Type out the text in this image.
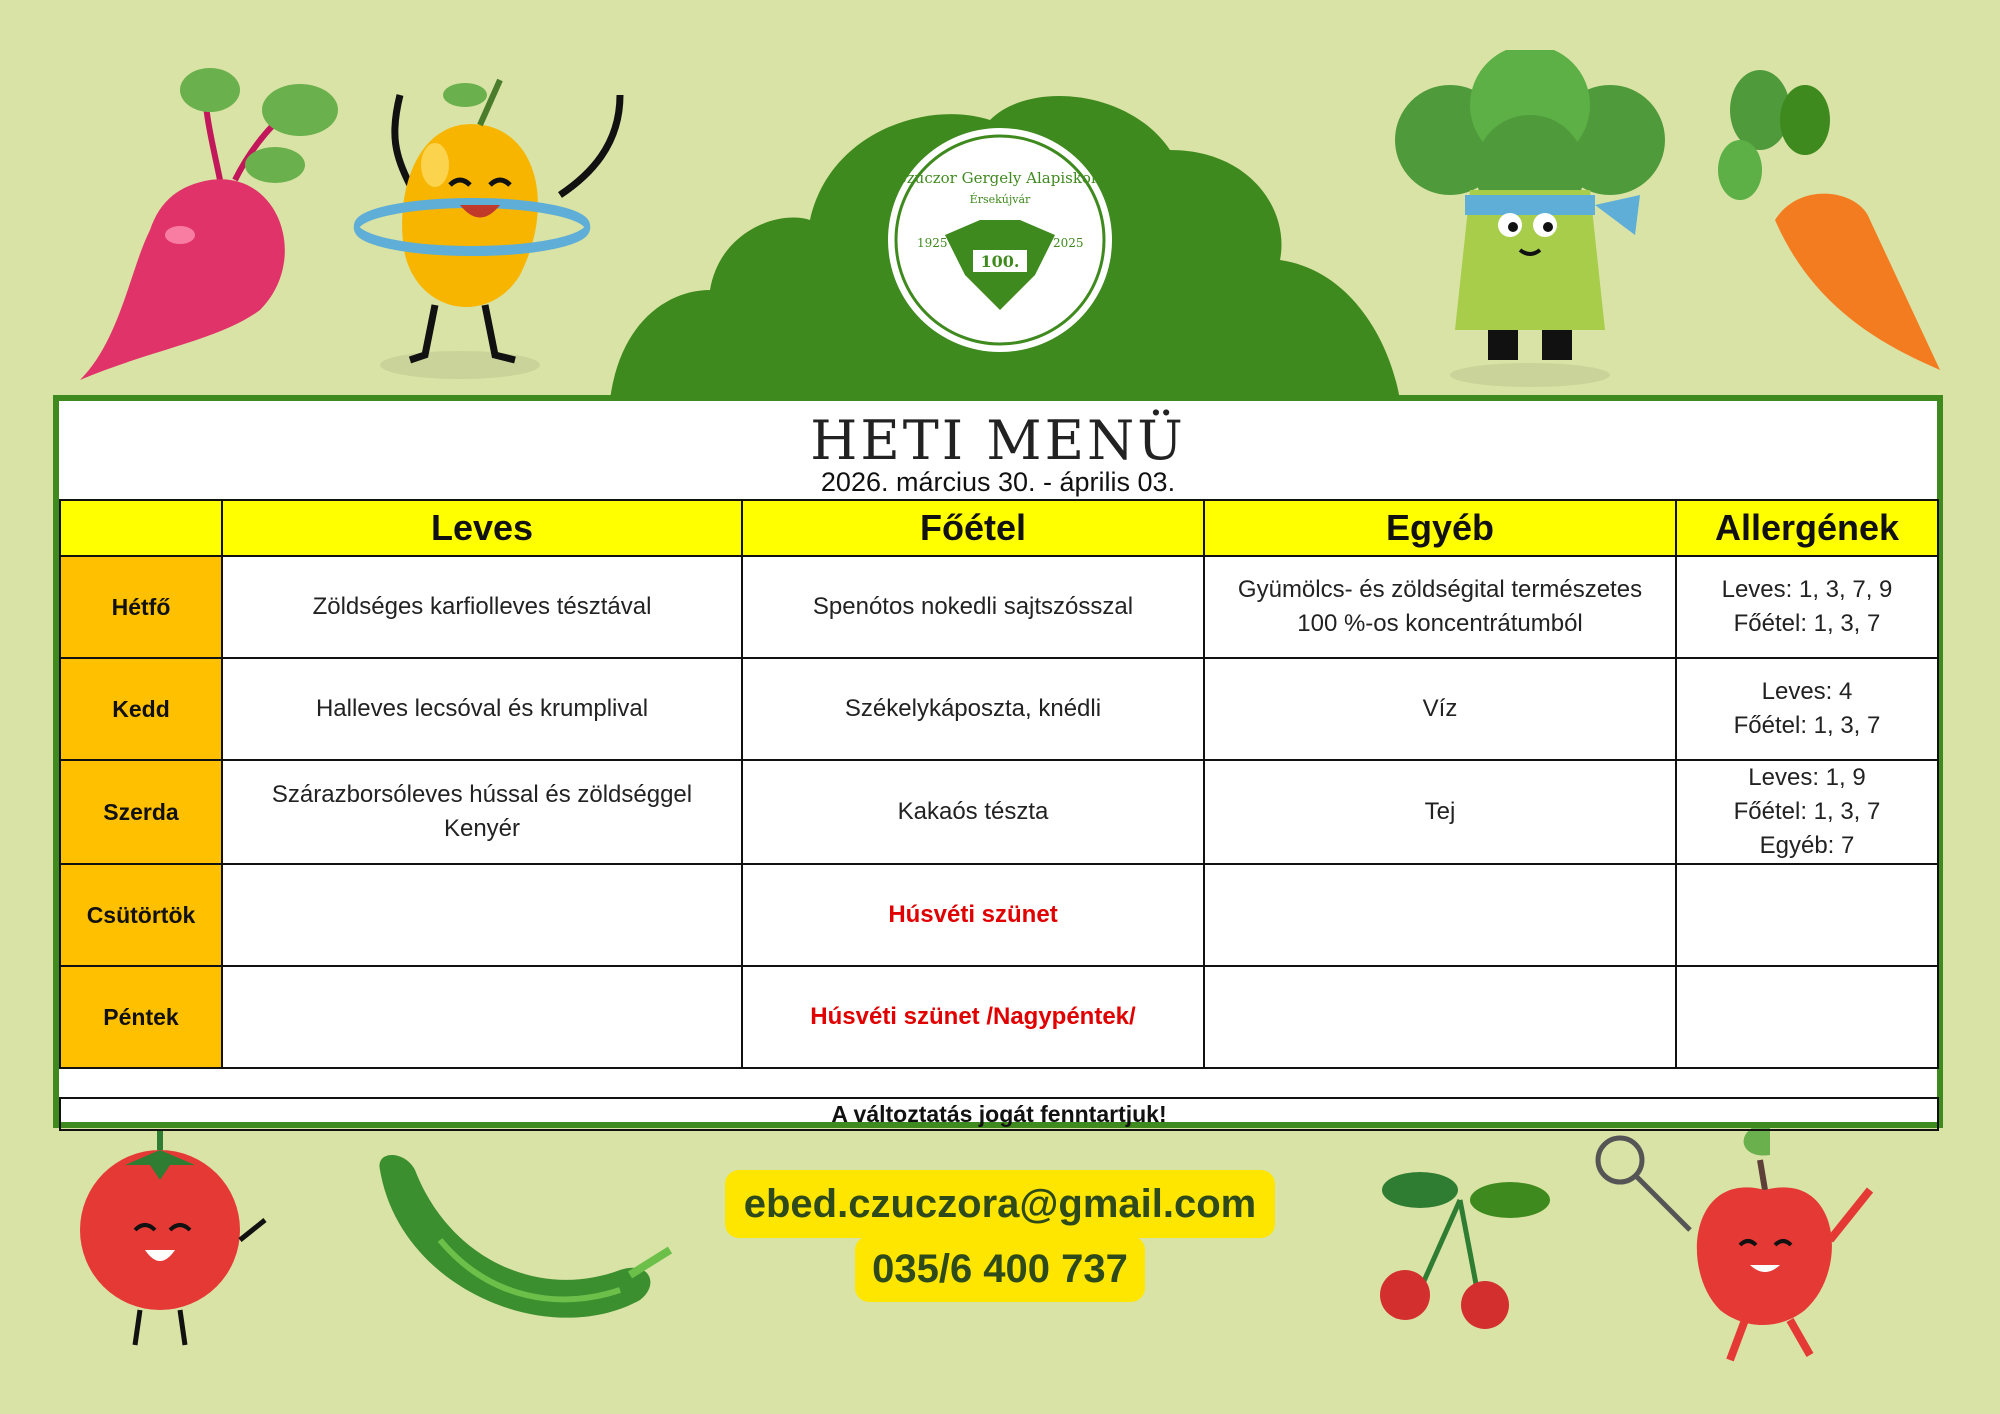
Czuczor Gergely Alapiskola
Érsekújvár
1925	2025
100.
HETI MENÜ
2026. március 30. - április 03.
	Leves	Főétel	Egyéb	Allergének
Hétfő	Zöldséges karfiolleves tésztával	Spenótos nokedli sajtszósszal	Gyümölcs- és zöldségital természetes
100 %-os koncentrátumból	Leves: 1, 3, 7, 9
Főétel: 1, 3, 7
Kedd	Halleves lecsóval és krumplival	Székelykáposzta, knédli	Víz	Leves: 4
Főétel: 1, 3, 7
Szerda	Szárazborsóleves hússal és zöldséggel
Kenyér	Kakaós tészta	Tej	Leves: 1, 9
Főétel: 1, 3, 7
Egyéb: 7
Csütörtök		Húsvéti szünet		
Péntek		Húsvéti szünet /Nagypéntek/		

A változtatás jogát fenntartjuk!				
ebed.czuczora@gmail.com
035/6 400 737
